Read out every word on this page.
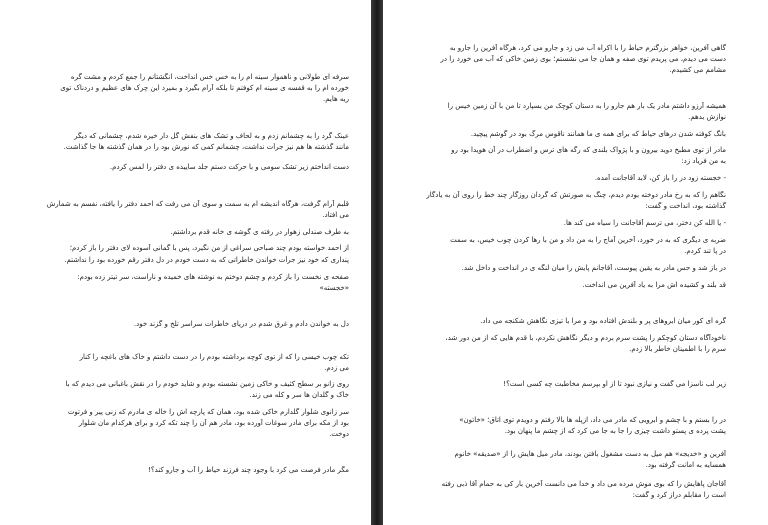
سرفه ای طولانی و ناهموار سینه ام را به خس خس انداخت، انگشتانم را جمع کردم و مشت گره
خورده ام را به قفسه ی سینه ام کوفتم تا بلکه آرام بگیرد و بمیرد این چرک های عظیم و دردناک توی
ریه هایم.
عینک گرد را به چشمانم زدم و به لحاف و تشک های بنفش گل دار خیره شدم، چشمانی که دیگر
مانند گذشته ها هم نیز جرأت نداشت، چشمانم کمی که نورش بود را در همان گذشته ها جا گذاشت.
دست انداختم زیر تشک سومی و با حرکت دستم جلد ساییده ی دفتر را لمس کردم.
قلبم آرام گرفت، هرگاه اندیشه ام به سمت و سوی آن می رفت که احمد دفتر را یافته، نفسم به شمارش
می افتاد.
به طرف صندلی زهوار در رفته ی گوشه ی خانه قدم برداشتم.
از احمد خواسته بودم چند صباحی سراغی از من نگیرد، پس با گمانی آسوده لای دفتر را باز کردم؛
پنداری که خود نیز جرأت خواندن خاطراتی که به دست خودم در دل دفتر رقم خورده بود را نداشتم.
صفحه ی نخست را باز کردم و چشم دوختم به نوشته های خمیده و ناراست، سر تیتر زده بودم:
«خجسته»
دل به خواندن دادم و غرق شدم در دریای خاطرات سراسر تلخ و گزند خود.
تکه چوب خیسی را که از توی کوچه برداشته بودم را در دست داشتم و خاک های باغچه را کنار
می زدم.
روی زانو بر سطح کثیف و خاکی زمین نشسته بودم و شاید خودم را در نقش باغبانی می دیدم که با
خاک و گلدان ها سر و کله می زند.
سر زانوی شلوار گلدارم خاکی شده بود، همان که پارچه اش را خاله ی مادرم که زنی پیر و فرتوت
بود از مکه برای مادر سوغات آورده بود، مادر هم آن را چند تکه کرد و برای هرکدام مان شلوار
دوخت.
مگر مادر فرصت می کرد با وجود چند فرزند حیاط را آب و جارو کند؟!
گاهی آفرین، خواهر بزرگترم حیاط را با اکراه آب می زد و جارو می کرد، هرگاه آفرین را جارو به
دست می دیدم، می پریدم توی صفه و همان جا می نشستم؛ بوی زمین خاکی که آب می خورد را در
مشامم می کشیدم.
همیشه آرزو داشتم مادر یک بار هم جارو را به دستان کوچک من بسپارد تا من با آن زمین خیس را
نوازش بدهم.
بانگ کوفته شدن درهای حیاط که برای همه ی ما همانند ناقوس مرگ بود در گوشم پیچید.
مادر از توی مطبخ دوید بیرون و با پژواک بلندی که رگه های ترس و اضطراب در آن هویدا بود رو
به من فریاد زد:
- خجسته زود در را باز کن، لابد آقاجانت آمده.
نگاهم را که به رخ مادر دوخته بودم دیدم، چنگ به صورتش که گردان روزگار چند خط را روی آن به یادگار
گذاشته بود، انداخت و گفت:
- یا الله کن دختر، می ترسم آقاجانت را سیاه می کند ها.
ضربه ی دیگری که به در خورد، آخرین آماج را به من داد و من با رها کردن چوب خیس، به سمت
در پا تند کردم.
در باز شد و حس مادر به یقین پیوست، آقاجانم پایش را میان لنگه ی در انداخت و داخل شد.
قد بلند و کشیده اش مرا به یاد آفرین می انداخت.
گره ای کور میان ابروهای پر و بلندش افتاده بود و مرا با تیزی نگاهش شکنجه می داد.
ناخودآگاه دستان کوچکم را پشت سرم بردم و دیگر نگاهش نکردم، با قدم هایی که از من دور شد،
سرم را با اطمینان خاطر بالا زدم.
زیر لب ناسزا می گفت و نیازی نبود تا از او بپرسم مخاطبت چه کسی است؟!
در را بستم و با چشم و ابرویی که مادر می داد، ازپله ها بالا رفتم و دویدم توی اتاق؛ «خاتون»
پشت پرده ی پستو داشت چیزی را جا به جا می کرد که از چشم ما پنهان بود.
آفرین و «خدیجه» هم میل به دست مشغول بافتن بودند، مادر میل هایش را از «صدیقه» خانوم
همسایه به امانت گرفته بود.
آقاجان پاهایش را که بوی موش مرده می داد و خدا می دانست آخرین بار کی به حمام آقا ذبی رفته
است را مقابلم دراز کرد و گفت:
